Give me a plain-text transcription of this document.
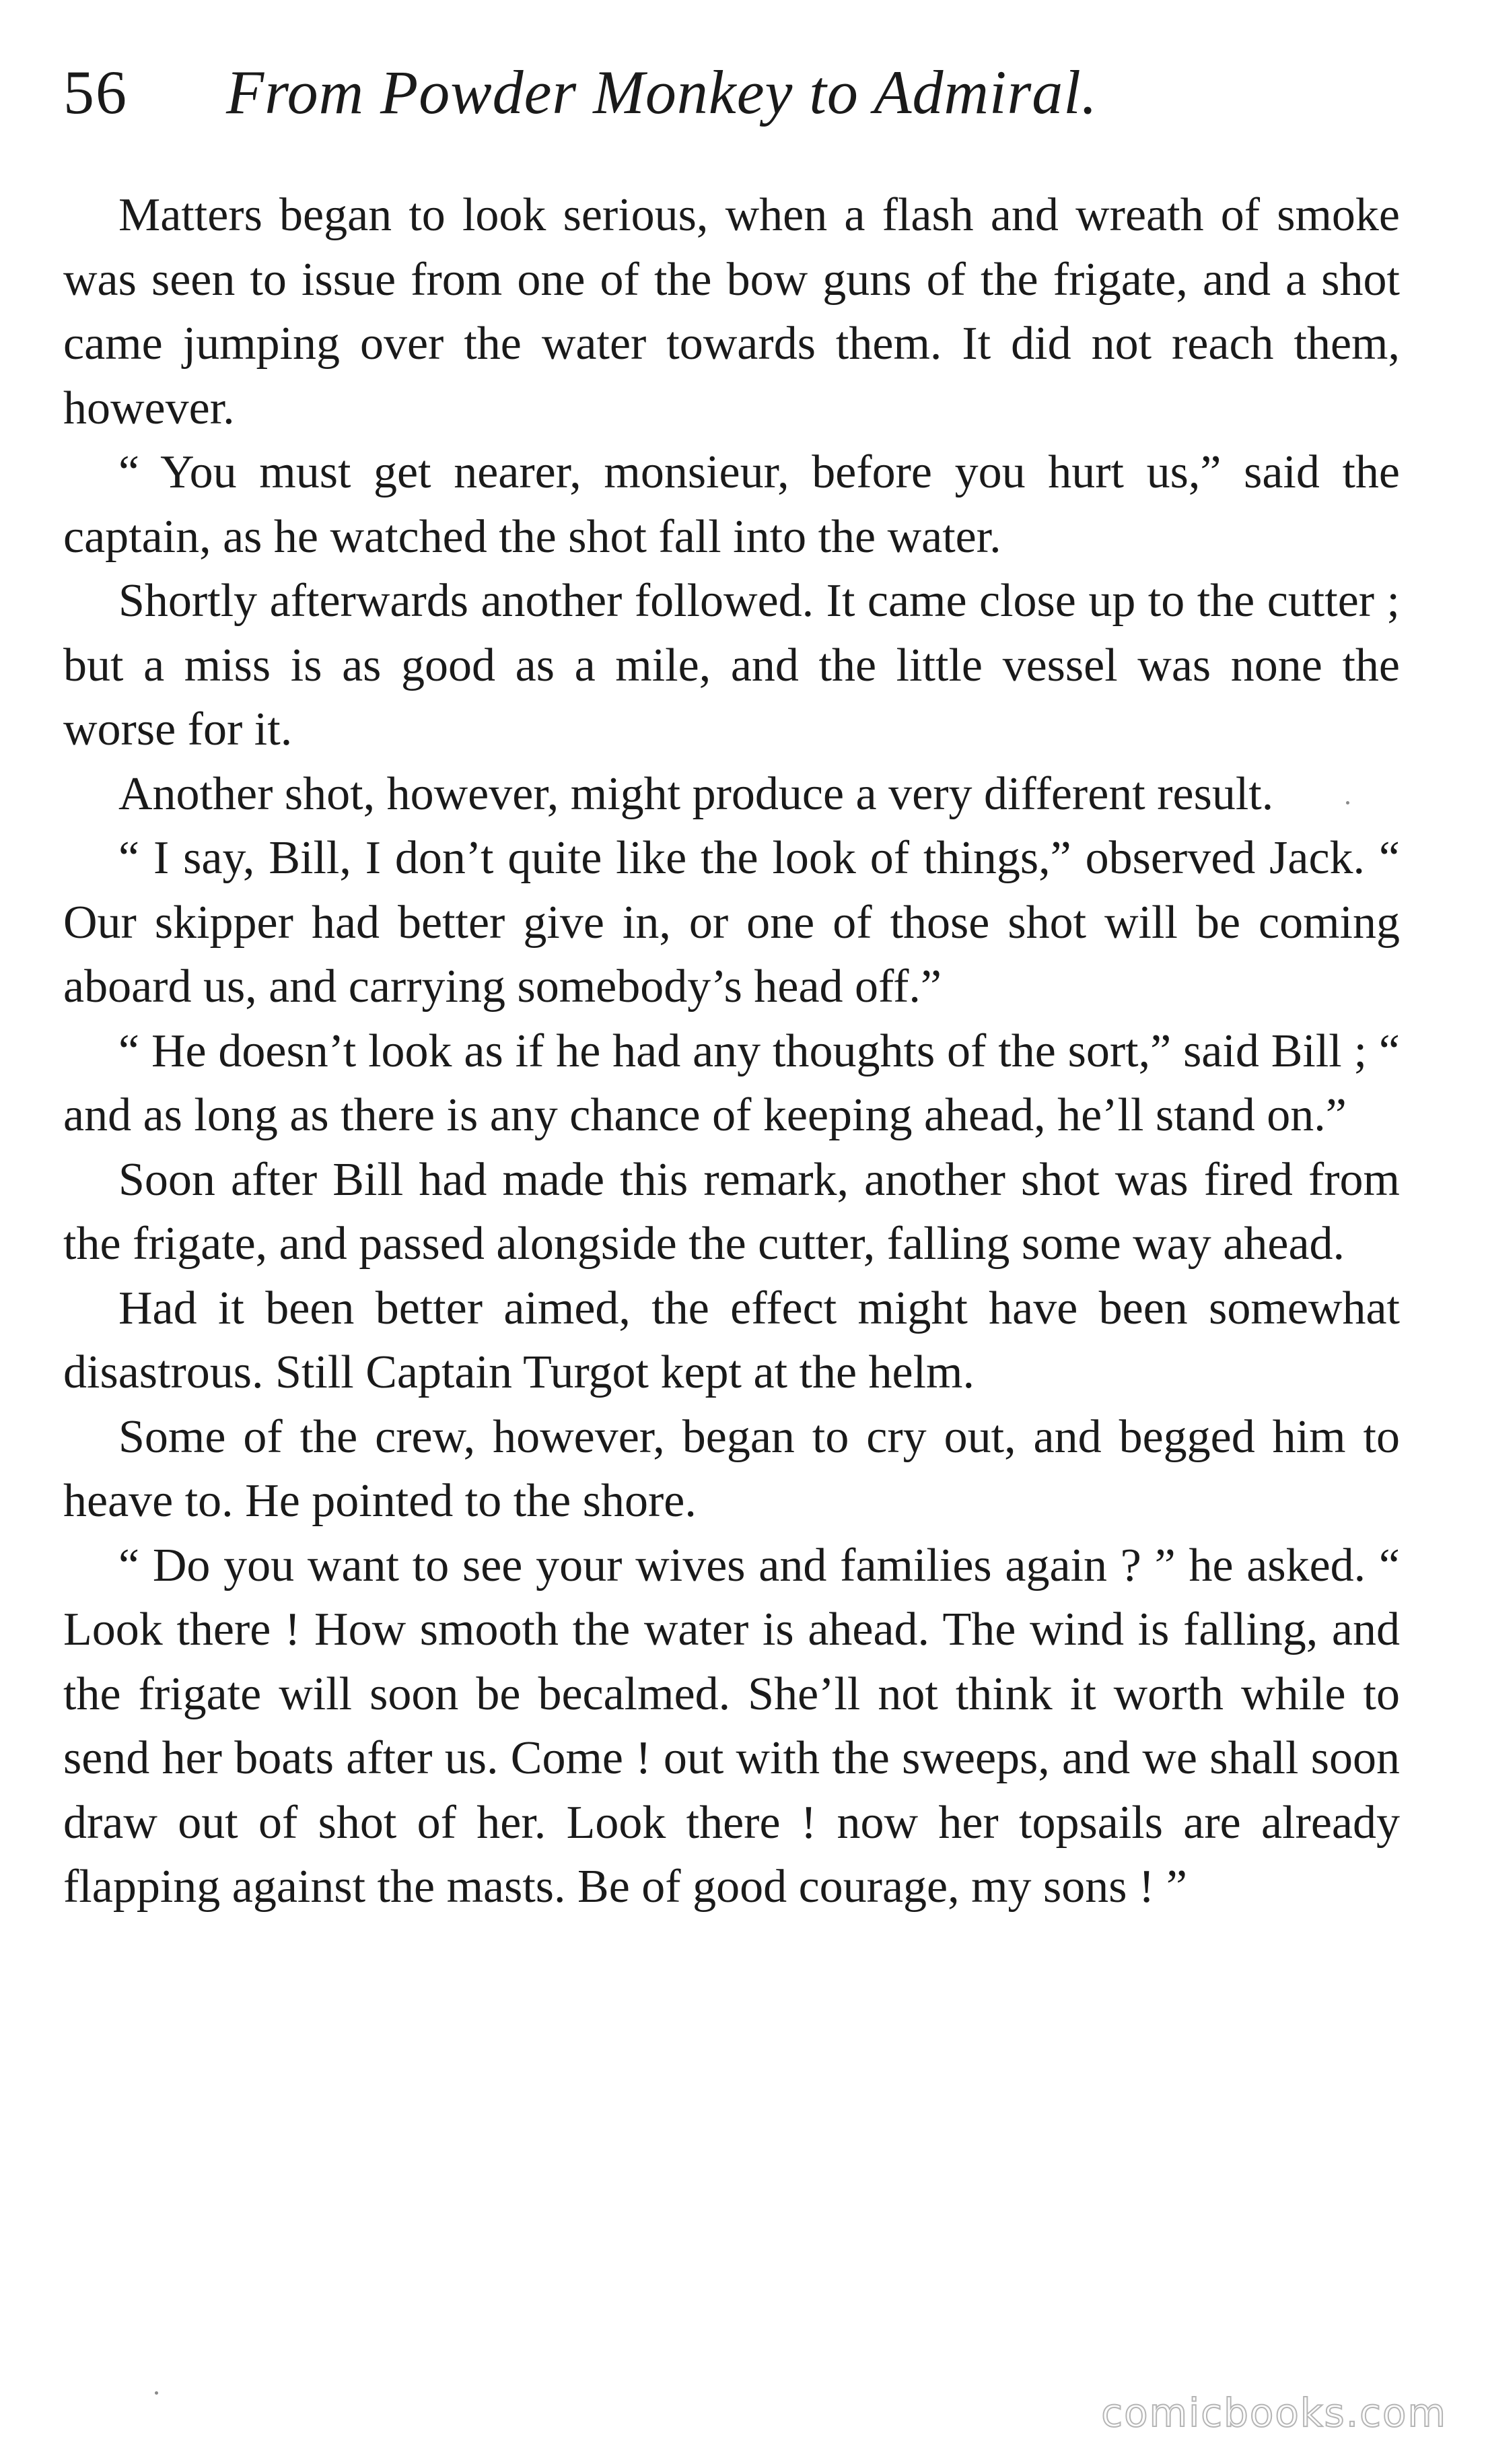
56 From Powder Monkey to Admiral.

Matters began to look serious, when a flash and wreath of smoke was seen to issue from one of the bow guns of the frigate, and a shot came jumping over the water towards them. It did not reach them, however.

“ You must get nearer, monsieur, before you hurt us,” said the captain, as he watched the shot fall into the water.

Shortly afterwards another followed. It came close up to the cutter ; but a miss is as good as a mile, and the little vessel was none the worse for it.

Another shot, however, might produce a very different result.

“ I say, Bill, I don’t quite like the look of things,” observed Jack. “ Our skipper had better give in, or one of those shot will be coming aboard us, and carrying somebody’s head off.”

“ He doesn’t look as if he had any thoughts of the sort,” said Bill ; “ and as long as there is any chance of keeping ahead, he’ll stand on.”

Soon after Bill had made this remark, another shot was fired from the frigate, and passed alongside the cutter, falling some way ahead.

Had it been better aimed, the effect might have been somewhat disastrous. Still Captain Turgot kept at the helm.

Some of the crew, however, began to cry out, and begged him to heave to. He pointed to the shore.

“ Do you want to see your wives and families again ? ” he asked. “ Look there ! How smooth the water is ahead. The wind is falling, and the frigate will soon be becalmed. She’ll not think it worth while to send her boats after us. Come ! out with the sweeps, and we shall soon draw out of shot of her. Look there ! now her topsails are already flapping against the masts. Be of good courage, my sons ! ”

comicbooks.com
